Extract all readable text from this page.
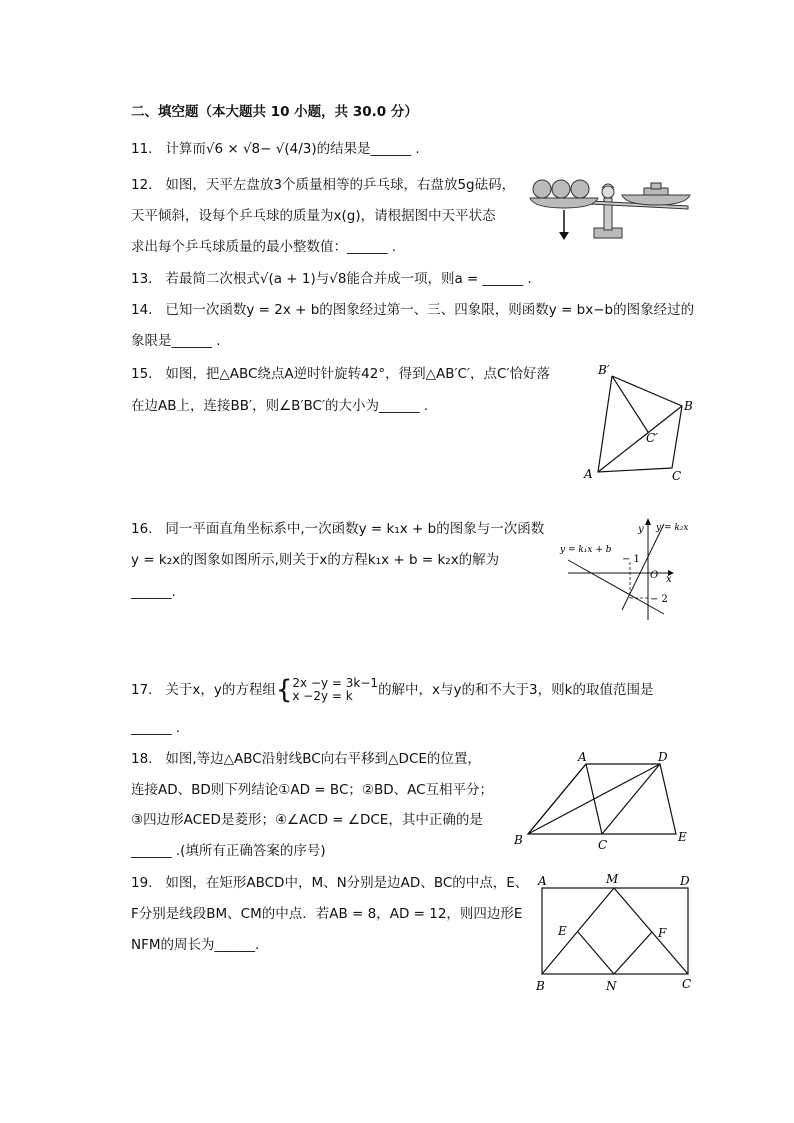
二、填空题（本大题共 10 小题，共 30.0 分）
11. 计算而√6 × √8− √(4/3)的结果是______ .
12. 如图，天平左盘放3个质量相等的乒乓球，右盘放5g砝码，
天平倾斜，设每个乒乓球的质量为x(g)，请根据图中天平状态
求出每个乒乓球质量的最小整数值：______ .
13. 若最简二次根式√(a + 1)与√8能合并成一项，则a = ______ .
14. 已知一次函数y = 2x + b的图象经过第一、三、四象限，则函数y = bx−b的图象经过的
象限是______ .
15. 如图，把△ABC绕点A逆时针旋转42°，得到△AB′C′，点C′恰好落
在边AB上，连接BB′，则∠B′BC′的大小为______ .
B′
B
C′
A	C
16. 同一平面直角坐标系中,一次函数y = k₁x + b的图象与一次函数
y = k₂x的图象如图所示,则关于x的方程k₁x + b = k₂x的解为
______.
y
x
O
y = k₁x + b
y = k₂x
− 1
− 2
17. 关于x，y的方程组{2x −y = 3k−1
x −2y = k 的解中，x与y的和不大于3，则k的取值范围是
______ .
18. 如图,等边△ABC沿射线BC向右平移到△DCE的位置，
连接AD、BD则下列结论①AD = BC；②BD、AC互相平分；
③四边形ACED是菱形；④∠ACD = ∠DCE，其中正确的是
______ .(填所有正确答案的序号)
A	D
B	C
E
19. 如图，在矩形ABCD中，M、N分别是边AD、BC的中点，E、
F分别是线段BM、CM的中点．若AB = 8，AD = 12，则四边形E
NFM的周长为______.
A	M	D
E	F
B	N	C
